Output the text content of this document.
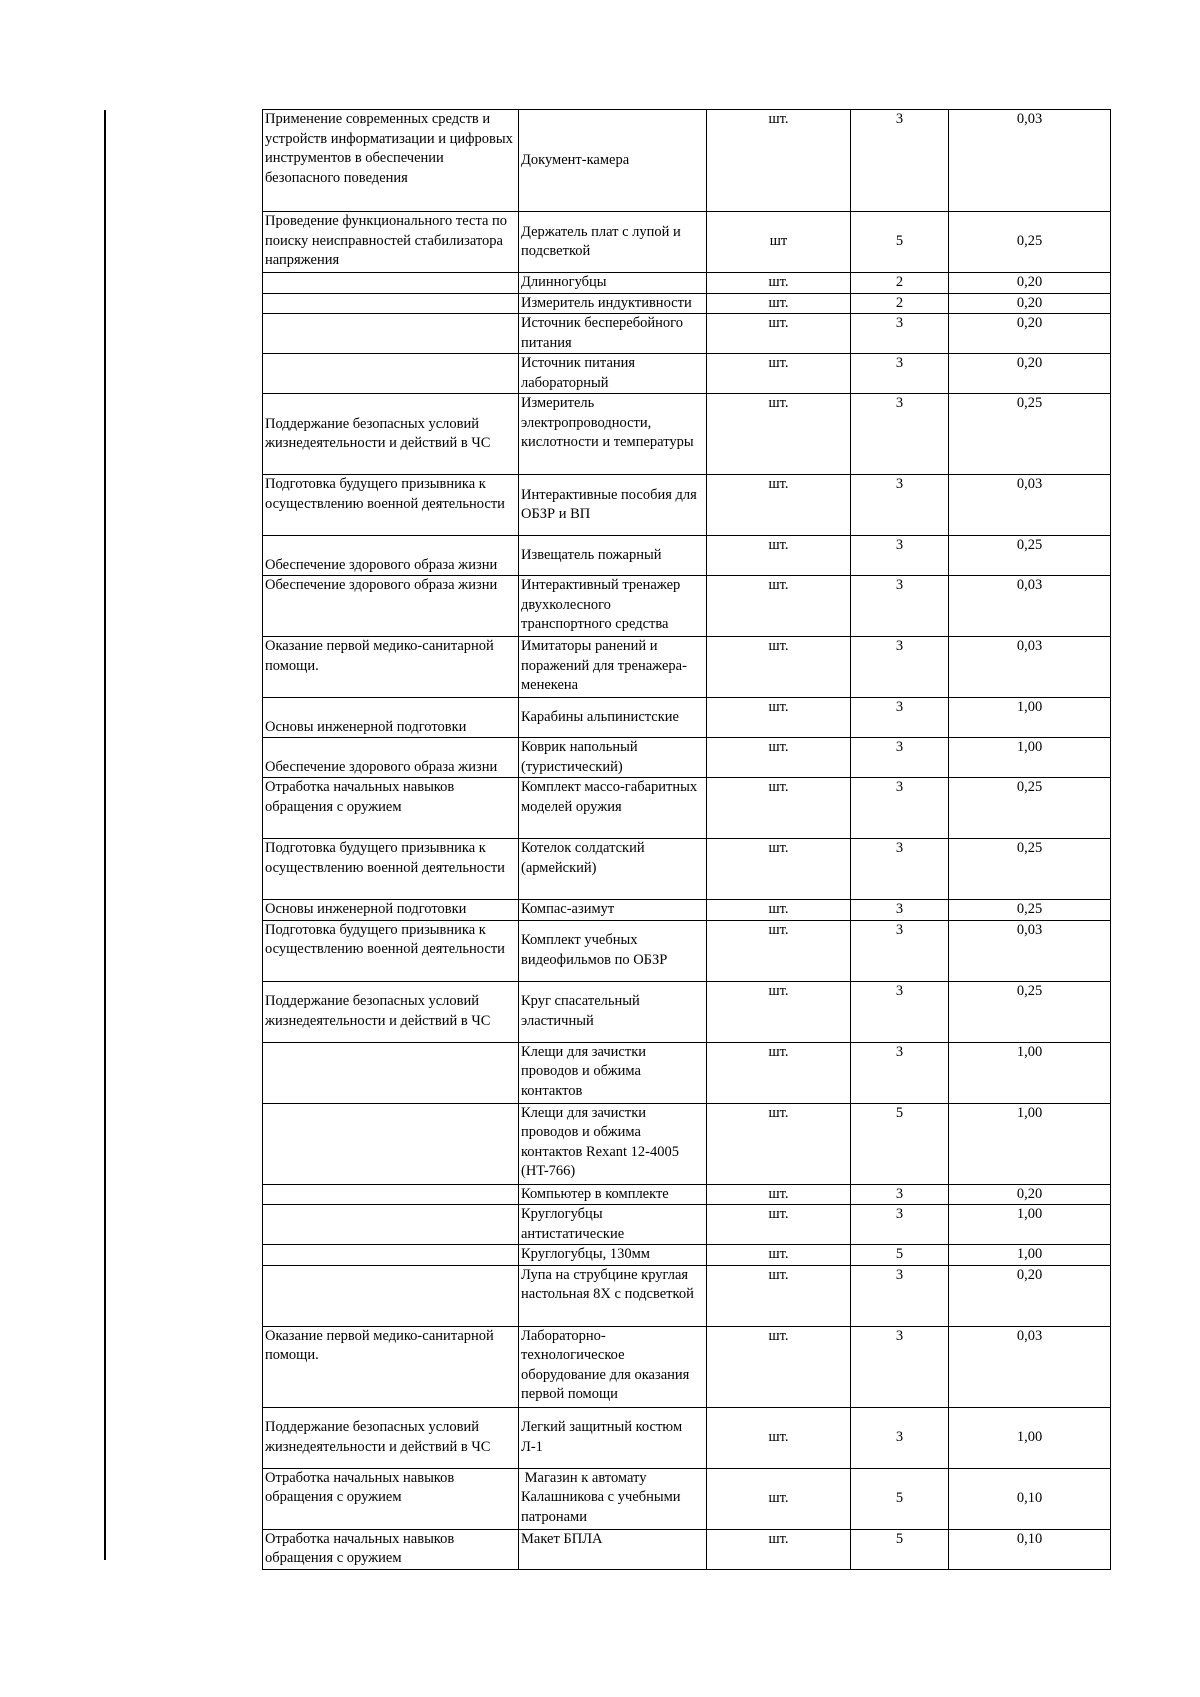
Применение современных средств и устройств информатизации и цифровых инструментов в обеспечении безопасного поведения	Документ-камера	шт.	3	0,03
Проведение функционального теста по поиску неисправностей стабилизатора напряжения	Держатель плат с лупой и подсветкой	шт	5	0,25
	Длинногубцы	шт.	2	0,20
	Измеритель индуктивности	шт.	2	0,20
	Источник бесперебойного питания	шт.	3	0,20
	Источник питания лабораторный	шт.	3	0,20
Поддержание безопасных условий жизнедеятельности и действий в ЧС	Измеритель электропроводности, кислотности и температуры	шт.	3	0,25
Подготовка будущего призывника к осуществлению военной деятельности	Интерактивные пособия для ОБЗР и ВП	шт.	3	0,03
Обеспечение здорового образа жизни	Извещатель пожарный	шт.	3	0,25
Обеспечение здорового образа жизни	Интерактивный тренажер двухколесного транспортного средства	шт.	3	0,03
Оказание первой медико-санитарной помощи.	Имитаторы ранений и поражений для тренажера-менекена	шт.	3	0,03
Основы инженерной подготовки	Карабины альпинистские	шт.	3	1,00
Обеспечение здорового образа жизни	Коврик напольный (туристический)	шт.	3	1,00
Отработка начальных навыков обращения с оружием	Комплект массо-габаритных моделей оружия	шт.	3	0,25
Подготовка будущего призывника к осуществлению военной деятельности	Котелок солдатский (армейский)	шт.	3	0,25
Основы инженерной подготовки	Компас-азимут	шт.	3	0,25
Подготовка будущего призывника к осуществлению военной деятельности	Комплект учебных видеофильмов по ОБЗР	шт.	3	0,03
Поддержание безопасных условий жизнедеятельности и действий в ЧС	Круг спасательный эластичный	шт.	3	0,25
	Клещи для зачистки проводов и обжима контактов	шт.	3	1,00
	Клещи для зачистки проводов и обжима контактов Rexant 12-4005 (HT-766)	шт.	5	1,00
	Компьютер в комплекте	шт.	3	0,20
	Круглогубцы антистатические	шт.	3	1,00
	Круглогубцы, 130мм	шт.	5	1,00
	Лупа на струбцине круглая настольная 8Х с подсветкой	шт.	3	0,20
Оказание первой медико-санитарной помощи.	Лабораторно-технологическое оборудование для оказания первой помощи	шт.	3	0,03
Поддержание безопасных условий жизнедеятельности и действий в ЧС	Легкий защитный костюм Л-1	шт.	3	1,00
Отработка начальных навыков обращения с оружием	Магазин к автомату Калашникова с учебными патронами	шт.	5	0,10
Отработка начальных навыков обращения с оружием	Макет БПЛА	шт.	5	0,10
